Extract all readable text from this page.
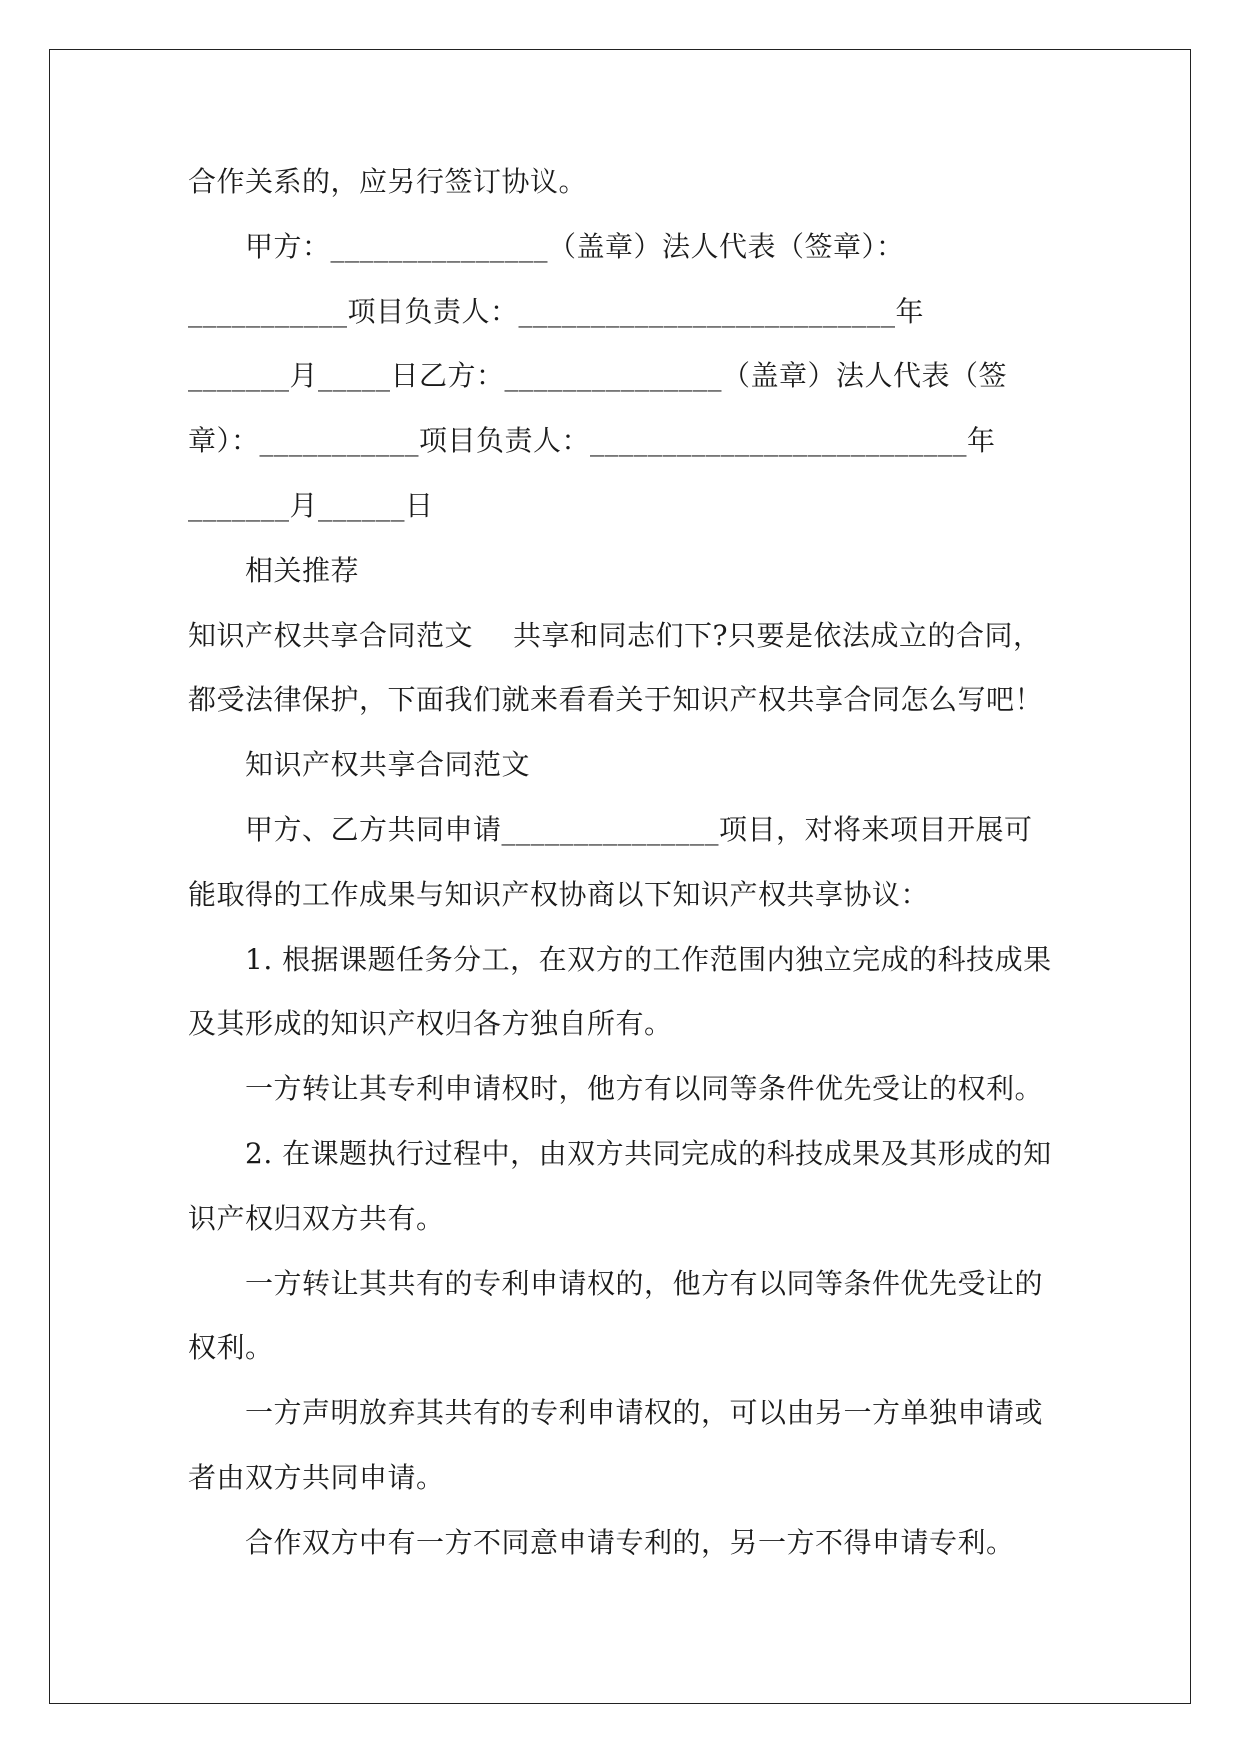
合作关系的，应另行签订协议。
甲方：_______________（盖章）法人代表（签章）：
___________项目负责人：__________________________年
_______月_____日乙方：_______________（盖章）法人代表（签
章）：___________项目负责人：__________________________年
_______月______日
相关推荐
知识产权共享合同范文 共享和同志们下?只要是依法成立的合同，
都受法律保护，下面我们就来看看关于知识产权共享合同怎么写吧！
知识产权共享合同范文
甲方、乙方共同申请_______________项目，对将来项目开展可
能取得的工作成果与知识产权协商以下知识产权共享协议：
1. 根据课题任务分工，在双方的工作范围内独立完成的科技成果
及其形成的知识产权归各方独自所有。
一方转让其专利申请权时，他方有以同等条件优先受让的权利。
2. 在课题执行过程中，由双方共同完成的科技成果及其形成的知
识产权归双方共有。
一方转让其共有的专利申请权的，他方有以同等条件优先受让的
权利。
一方声明放弃其共有的专利申请权的，可以由另一方单独申请或
者由双方共同申请。
合作双方中有一方不同意申请专利的，另一方不得申请专利。
